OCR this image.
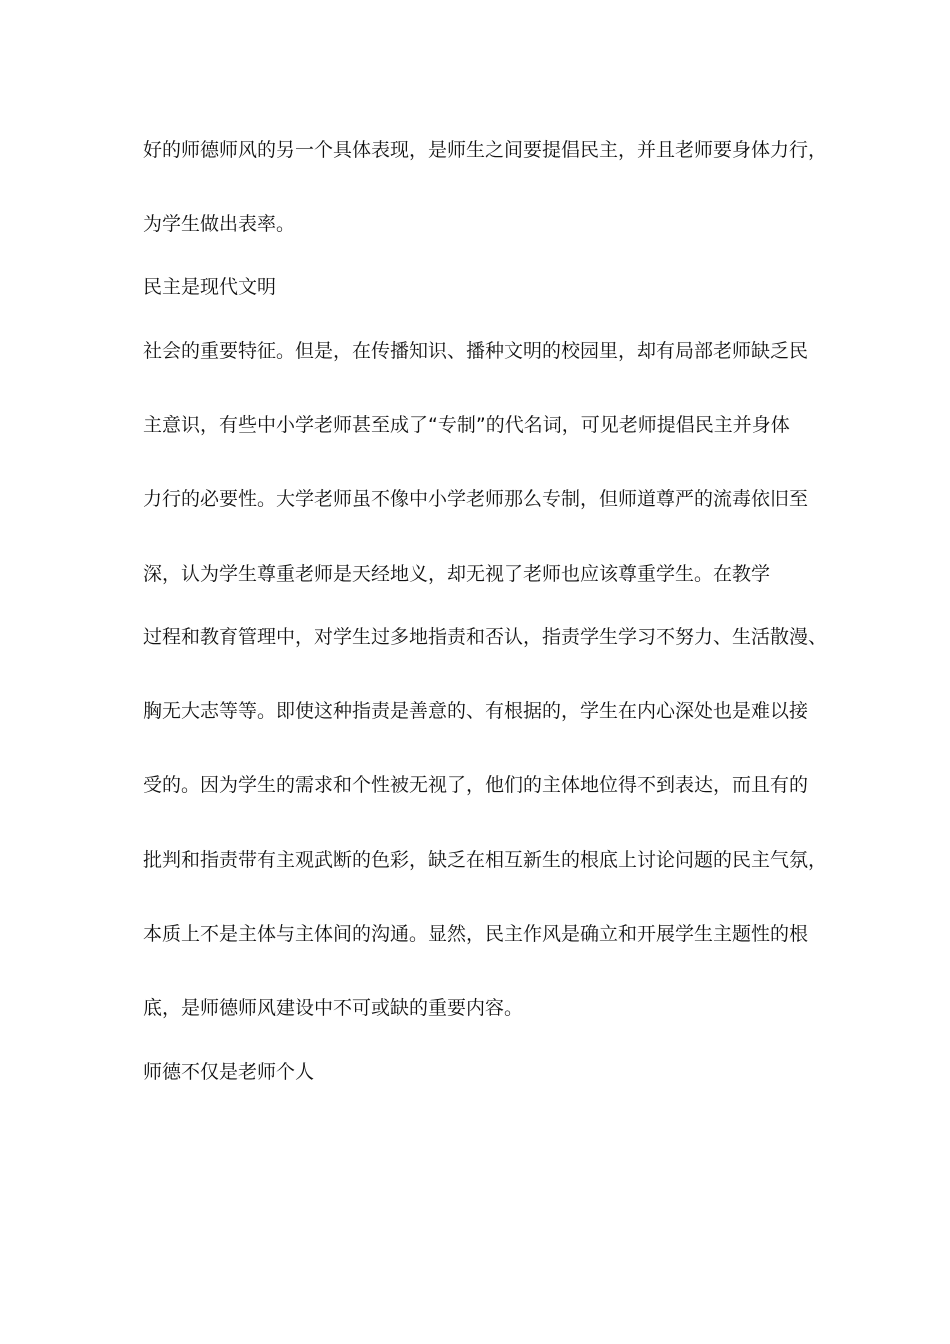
好的师德师风的另一个具体表现，是师生之间要提倡民主，并且老师要身体力行，

为学生做出表率。

民主是现代文明

社会的重要特征。但是，在传播知识、播种文明的校园里，却有局部老师缺乏民

主意识，有些中小学老师甚至成了“专制”的代名词，可见老师提倡民主并身体

力行的必要性。大学老师虽不像中小学老师那么专制，但师道尊严的流毒依旧至

深，认为学生尊重老师是天经地义，却无视了老师也应该尊重学生。在教学

过程和教育管理中，对学生过多地指责和否认，指责学生学习不努力、生活散漫、

胸无大志等等。即使这种指责是善意的、有根据的，学生在内心深处也是难以接

受的。因为学生的需求和个性被无视了，他们的主体地位得不到表达，而且有的

批判和指责带有主观武断的色彩，缺乏在相互新生的根底上讨论问题的民主气氛，

本质上不是主体与主体间的沟通。显然，民主作风是确立和开展学生主题性的根

底，是师德师风建设中不可或缺的重要内容。

师德不仅是老师个人
